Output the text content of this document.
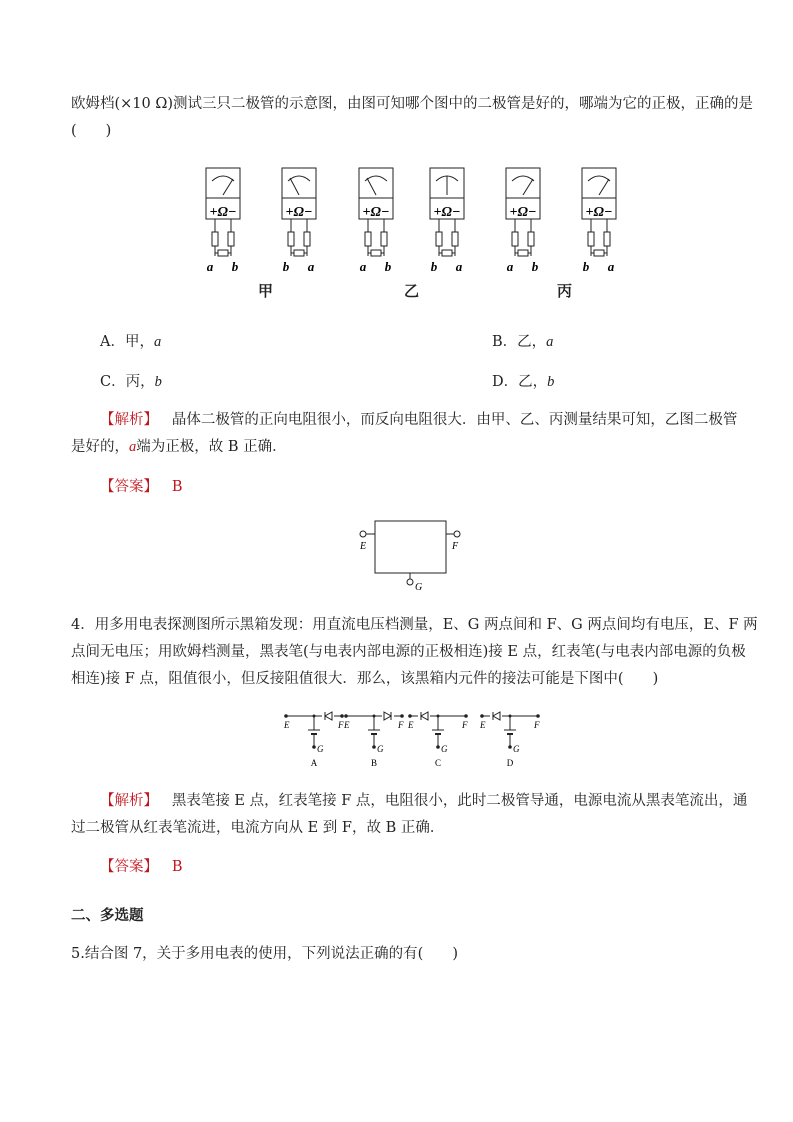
欧姆档(×10 Ω)测试三只二极管的示意图，由图可知哪个图中的二极管是好的，哪端为它的正极，正确的是
(　　)
+Ω−
a b
+Ω−
b a
+Ω−
a b
+Ω−
b a
+Ω−
a b
+Ω−
b a
甲	乙	丙
A．甲，a	B．乙，a
C．丙，b	D．乙，b
【解析】 晶体二极管的正向电阻很小，而反向电阻很大．由甲、乙、丙测量结果可知，乙图二极管
是好的，a端为正极，故 B 正确．
【答案】 B
E	F
G
4．用多用电表探测图所示黑箱发现：用直流电压档测量，E、G 两点间和 F、G 两点间均有电压，E、F 两
点间无电压；用欧姆档测量，黑表笔(与电表内部电源的正极相连)接 E 点，红表笔(与电表内部电源的负极
相连)接 F 点，阻值很小，但反接阻值很大．那么，该黑箱内元件的接法可能是下图中(　　)
E	F
G
A
E	F
G
B
E	F
G
C
E	F
G
D
【解析】 黑表笔接 E 点，红表笔接 F 点，电阻很小，此时二极管导通，电源电流从黑表笔流出，通
过二极管从红表笔流进，电流方向从 E 到 F，故 B 正确．
【答案】 B
二、多选题
5.结合图 7，关于多用电表的使用，下列说法正确的有(　　)
